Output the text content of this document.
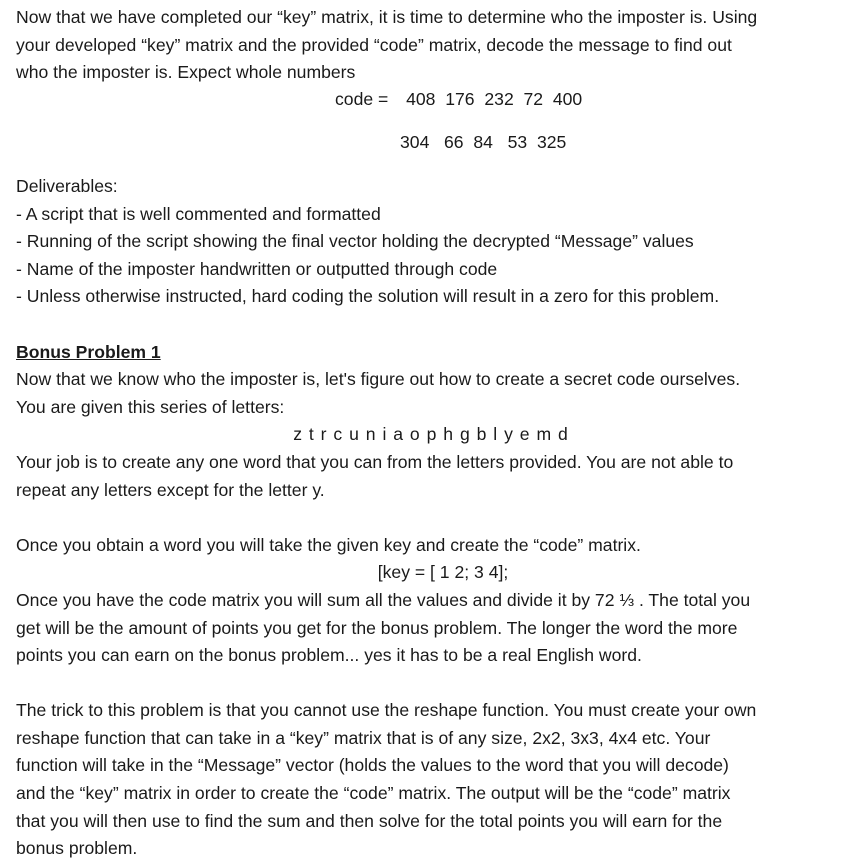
Now that we have completed our “key” matrix, it is time to determine who the imposter is. Using
your developed “key” matrix and the provided “code” matrix, decode the message to find out
who the imposter is. Expect whole numbers
code = 408  176  232  72  400
304   66  84   53  325
Deliverables:
- A script that is well commented and formatted
- Running of the script showing the final vector holding the decrypted “Message” values
- Name of the imposter handwritten or outputted through code
- Unless otherwise instructed, hard coding the solution will result in a zero for this problem.
Bonus Problem 1
Now that we know who the imposter is, let's figure out how to create a secret code ourselves.
You are given this series of letters:
z t r c u n i a o p h g b l y e m d
Your job is to create any one word that you can from the letters provided. You are not able to
repeat any letters except for the letter y.
Once you obtain a word you will take the given key and create the “code” matrix.
[key = [ 1 2; 3 4];
Once you have the code matrix you will sum all the values and divide it by 72 ⅓ . The total you
get will be the amount of points you get for the bonus problem. The longer the word the more
points you can earn on the bonus problem... yes it has to be a real English word.
The trick to this problem is that you cannot use the reshape function. You must create your own
reshape function that can take in a “key” matrix that is of any size, 2x2, 3x3, 4x4 etc. Your
function will take in the “Message” vector (holds the values to the word that you will decode)
and the “key” matrix in order to create the “code” matrix. The output will be the “code” matrix
that you will then use to find the sum and then solve for the total points you will earn for the
bonus problem.
